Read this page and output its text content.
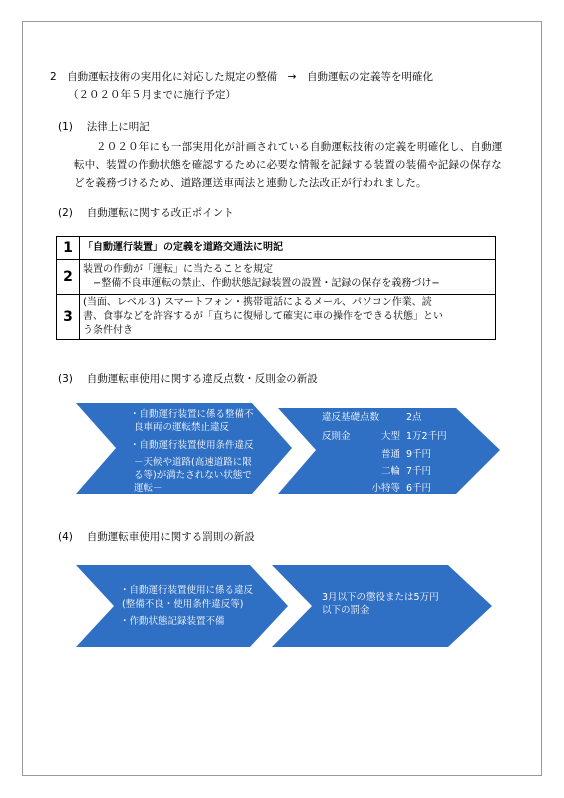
2　自動運転技術の実用化に対応した規定の整備　→　自動運転の定義等を明確化
（２０２０年５月までに施行予定）
(1)　 法律上に明記
２０２０年にも一部実用化が計画されている自動運転技術の定義を明確化し、自動運転中、装置の作動状態を確認するために必要な情報を記録する装置の装備や記録の保存などを義務づけるため、道路運送車両法と連動した法改正が行われました。
(2)　 自動運転に関する改正ポイント
1	「自動運行装置」の定義を道路交通法に明記

2	装置の作動が「運転」に当たることを規定
　−整備不良車運転の禁止、作動状態記録装置の設置・記録の保存を義務づけ−

3	(当面、レベル３) スマートフォン・携帯電話によるメール、パソコン作業、読
書、食事などを許容するが「直ちに復帰して確実に車の操作をできる状態」とい
う条件付き
(3)　 自動運転車使用に関する違反点数・反則金の新設
(4)　 自動運転車使用に関する罰則の新設
・自動運行装置に係る整備不
良車両の運転禁止違反
・自動運行装置使用条件違反
－天候や道路(高速道路に限
る等)が満たされない状態で
運転－
違反基礎点数	2点
反則金	大型 1万2千円
普通 9千円
二輪 7千円
小特等 6千円
・自動運行装置使用に係る違反
(整備不良・使用条件違反等)
・作動状態記録装置不備
3月以下の懲役または5万円
以下の罰金
